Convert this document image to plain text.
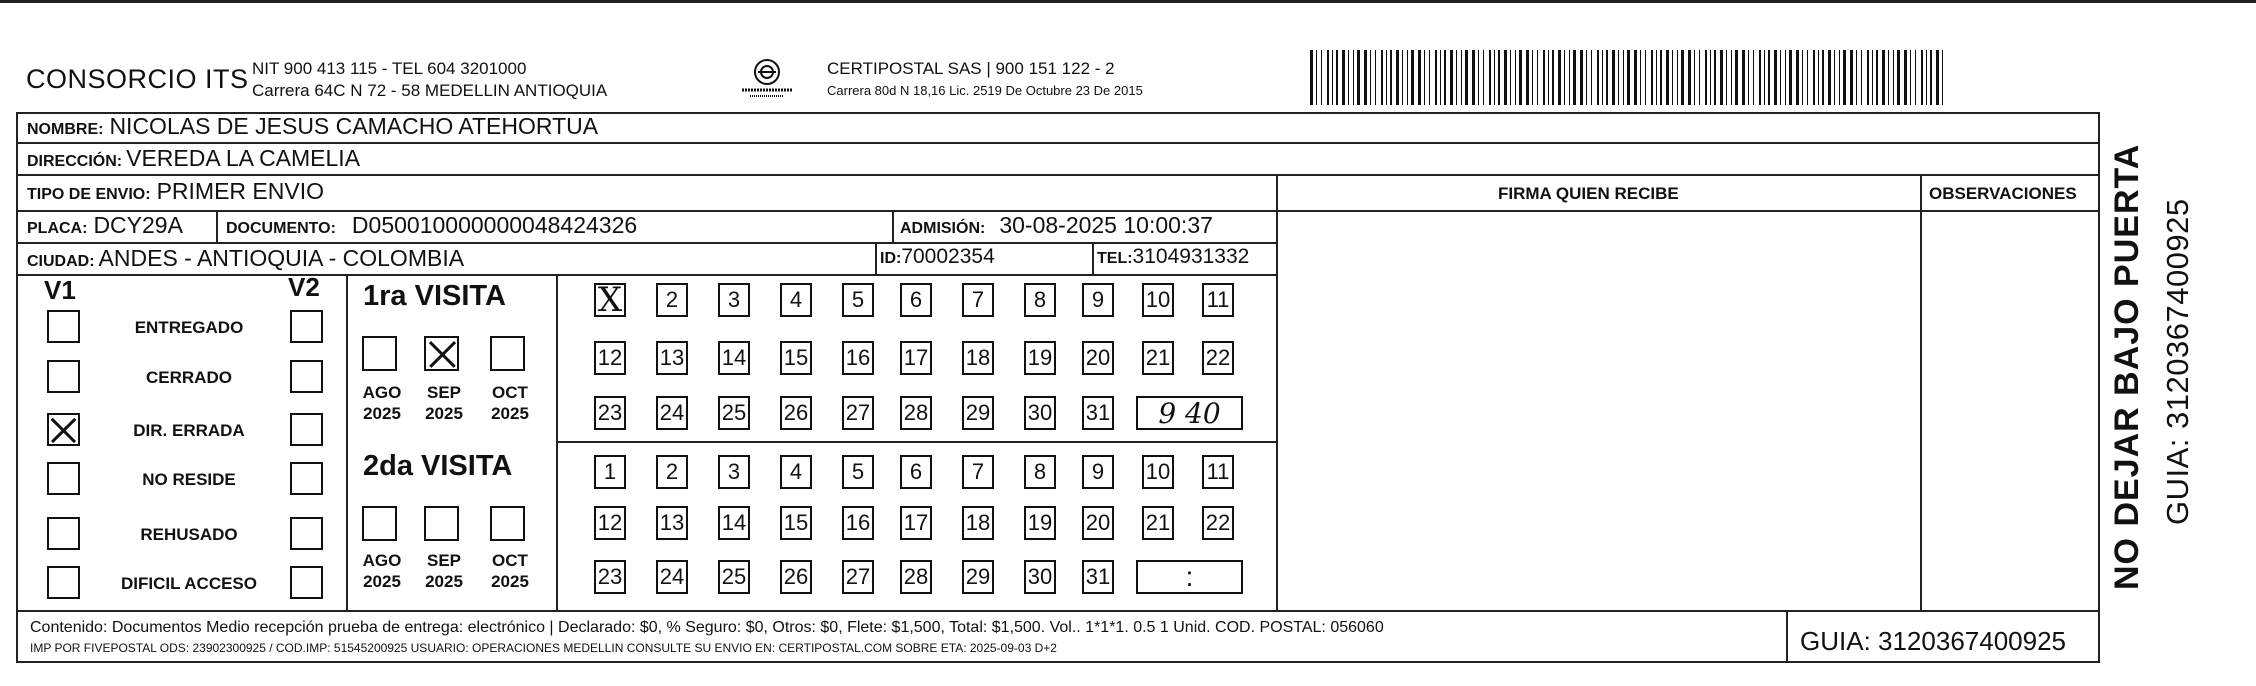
CONSORCIO ITS NIT 900 413 115 - TEL 604 3201000
Carrera 64C N 72 - 58 MEDELLIN ANTIOQUIA
CERTIPOSTAL SAS | 900 151 122 - 2
Carrera 80d N 18,16 Lic. 2519 De Octubre 23 De 2015
NO DEJAR BAJO PUERTA GUIA: 3120367400925
NOMBRE: NICOLAS DE JESUS CAMACHO ATEHORTUA
DIRECCIÓN: VEREDA LA CAMELIA
TIPO DE ENVIO: PRIMER ENVIO	FIRMA QUIEN RECIBE	OBSERVACIONES
PLACA: DCY29A	DOCUMENTO: D050010000000048424326	ADMISIÓN: 30-08-2025 10:00:37
CIUDAD: ANDES - ANTIOQUIA - COLOMBIA	ID: 70002354	TEL: 3104931332
V1	V2
ENTREGADO
CERRADO
DIR. ERRADA
NO RESIDE
REHUSADO
DIFICIL ACCESO
1ra VISITA
2da VISITA
AGO
2025
SEP
2025
OCT
2025
AGO
2025
SEP
2025
OCT
2025
X	2	3	4	5	6	7	8	9	10 11
12 13 14 15 16 17 18 19 20 21 22
23 24 25 26 27 28 29 30 31
1	2	3	4	5	6	7	8	9	10 11
12 13 14 15 16 17 18 19 20 21 22
23 24 25 26 27 28 29 30 31
9 40
:
Contenido: Documentos Medio recepción prueba de entrega: electrónico | Declarado: $0, % Seguro: $0, Otros: $0, Flete: $1,500, Total: $1,500. Vol.. 1*1*1. 0.5 1 Unid. COD. POSTAL: 056060
IMP POR FIVEPOSTAL ODS: 23902300925 / COD.IMP: 51545200925 USUARIO: OPERACIONES MEDELLIN CONSULTE SU ENVIO EN: CERTIPOSTAL.COM SOBRE ETA: 2025-09-03 D+2	GUIA: 3120367400925
